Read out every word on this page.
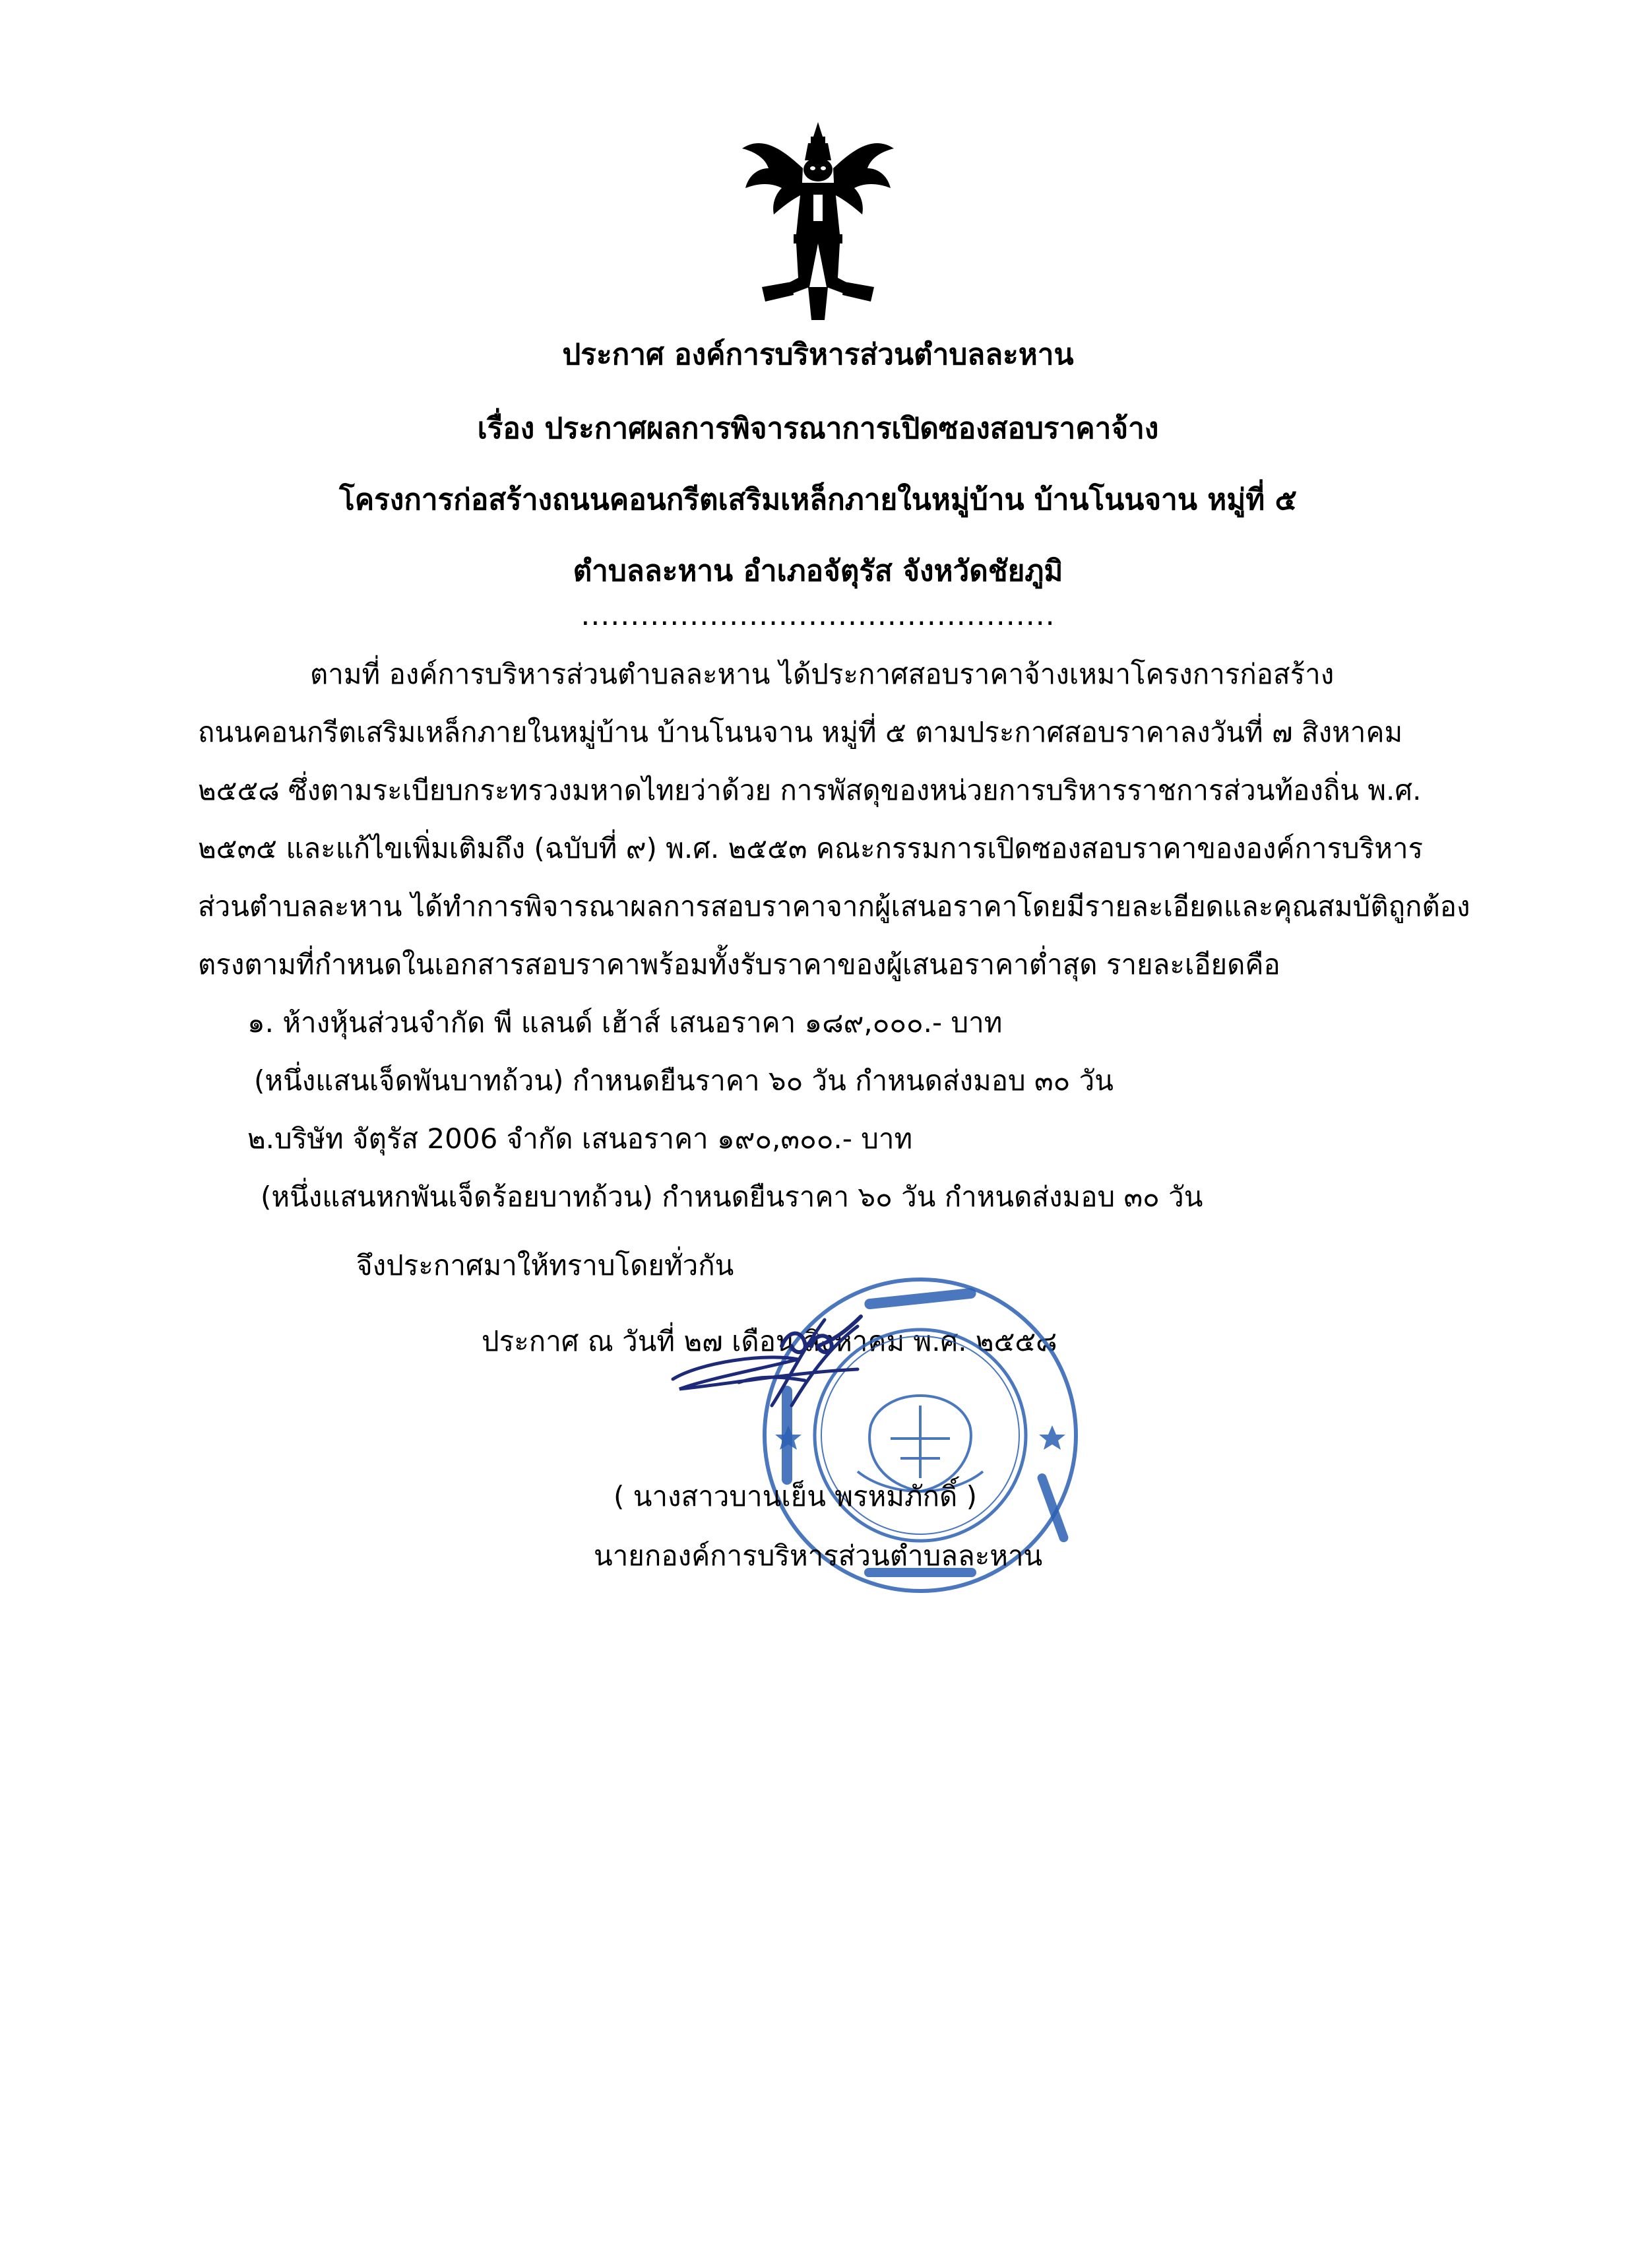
ประกาศ องค์การบริหารส่วนตำบลละหาน
เรื่อง ประกาศผลการพิจารณาการเปิดซองสอบราคาจ้าง
โครงการก่อสร้างถนนคอนกรีตเสริมเหล็กภายในหมู่บ้าน บ้านโนนจาน หมู่ที่ ๕
ตำบลละหาน อำเภอจัตุรัส จังหวัดชัยภูมิ
................................................
ตามที่ องค์การบริหารส่วนตำบลละหาน ได้ประกาศสอบราคาจ้างเหมาโครงการก่อสร้าง
ถนนคอนกรีตเสริมเหล็กภายในหมู่บ้าน บ้านโนนจาน หมู่ที่ ๕ ตามประกาศสอบราคาลงวันที่ ๗ สิงหาคม
๒๕๕๘ ซึ่งตามระเบียบกระทรวงมหาดไทยว่าด้วย การพัสดุของหน่วยการบริหารราชการส่วนท้องถิ่น พ.ศ.
๒๕๓๕ และแก้ไขเพิ่มเติมถึง (ฉบับที่ ๙) พ.ศ. ๒๕๕๓ คณะกรรมการเปิดซองสอบราคาขององค์การบริหาร
ส่วนตำบลละหาน ได้ทำการพิจารณาผลการสอบราคาจากผู้เสนอราคาโดยมีรายละเอียดและคุณสมบัติถูกต้อง
ตรงตามที่กำหนดในเอกสารสอบราคาพร้อมทั้งรับราคาของผู้เสนอราคาต่ำสุด รายละเอียดคือ
๑. ห้างหุ้นส่วนจำกัด พี แลนด์ เฮ้าส์ เสนอราคา ๑๘๙,๐๐๐.- บาท
(หนึ่งแสนเจ็ดพันบาทถ้วน) กำหนดยืนราคา ๖๐ วัน กำหนดส่งมอบ ๓๐ วัน
๒.บริษัท จัตุรัส 2006 จำกัด เสนอราคา ๑๙๐,๓๐๐.- บาท
(หนึ่งแสนหกพันเจ็ดร้อยบาทถ้วน) กำหนดยืนราคา ๖๐ วัน กำหนดส่งมอบ ๓๐ วัน
จึงประกาศมาให้ทราบโดยทั่วกัน
ประกาศ ณ วันที่ ๒๗ เดือน สิงหาคม พ.ศ. ๒๕๕๘
( นางสาวบานเย็น พรหมภักดิ์ )
นายกองค์การบริหารส่วนตำบลละหาน
